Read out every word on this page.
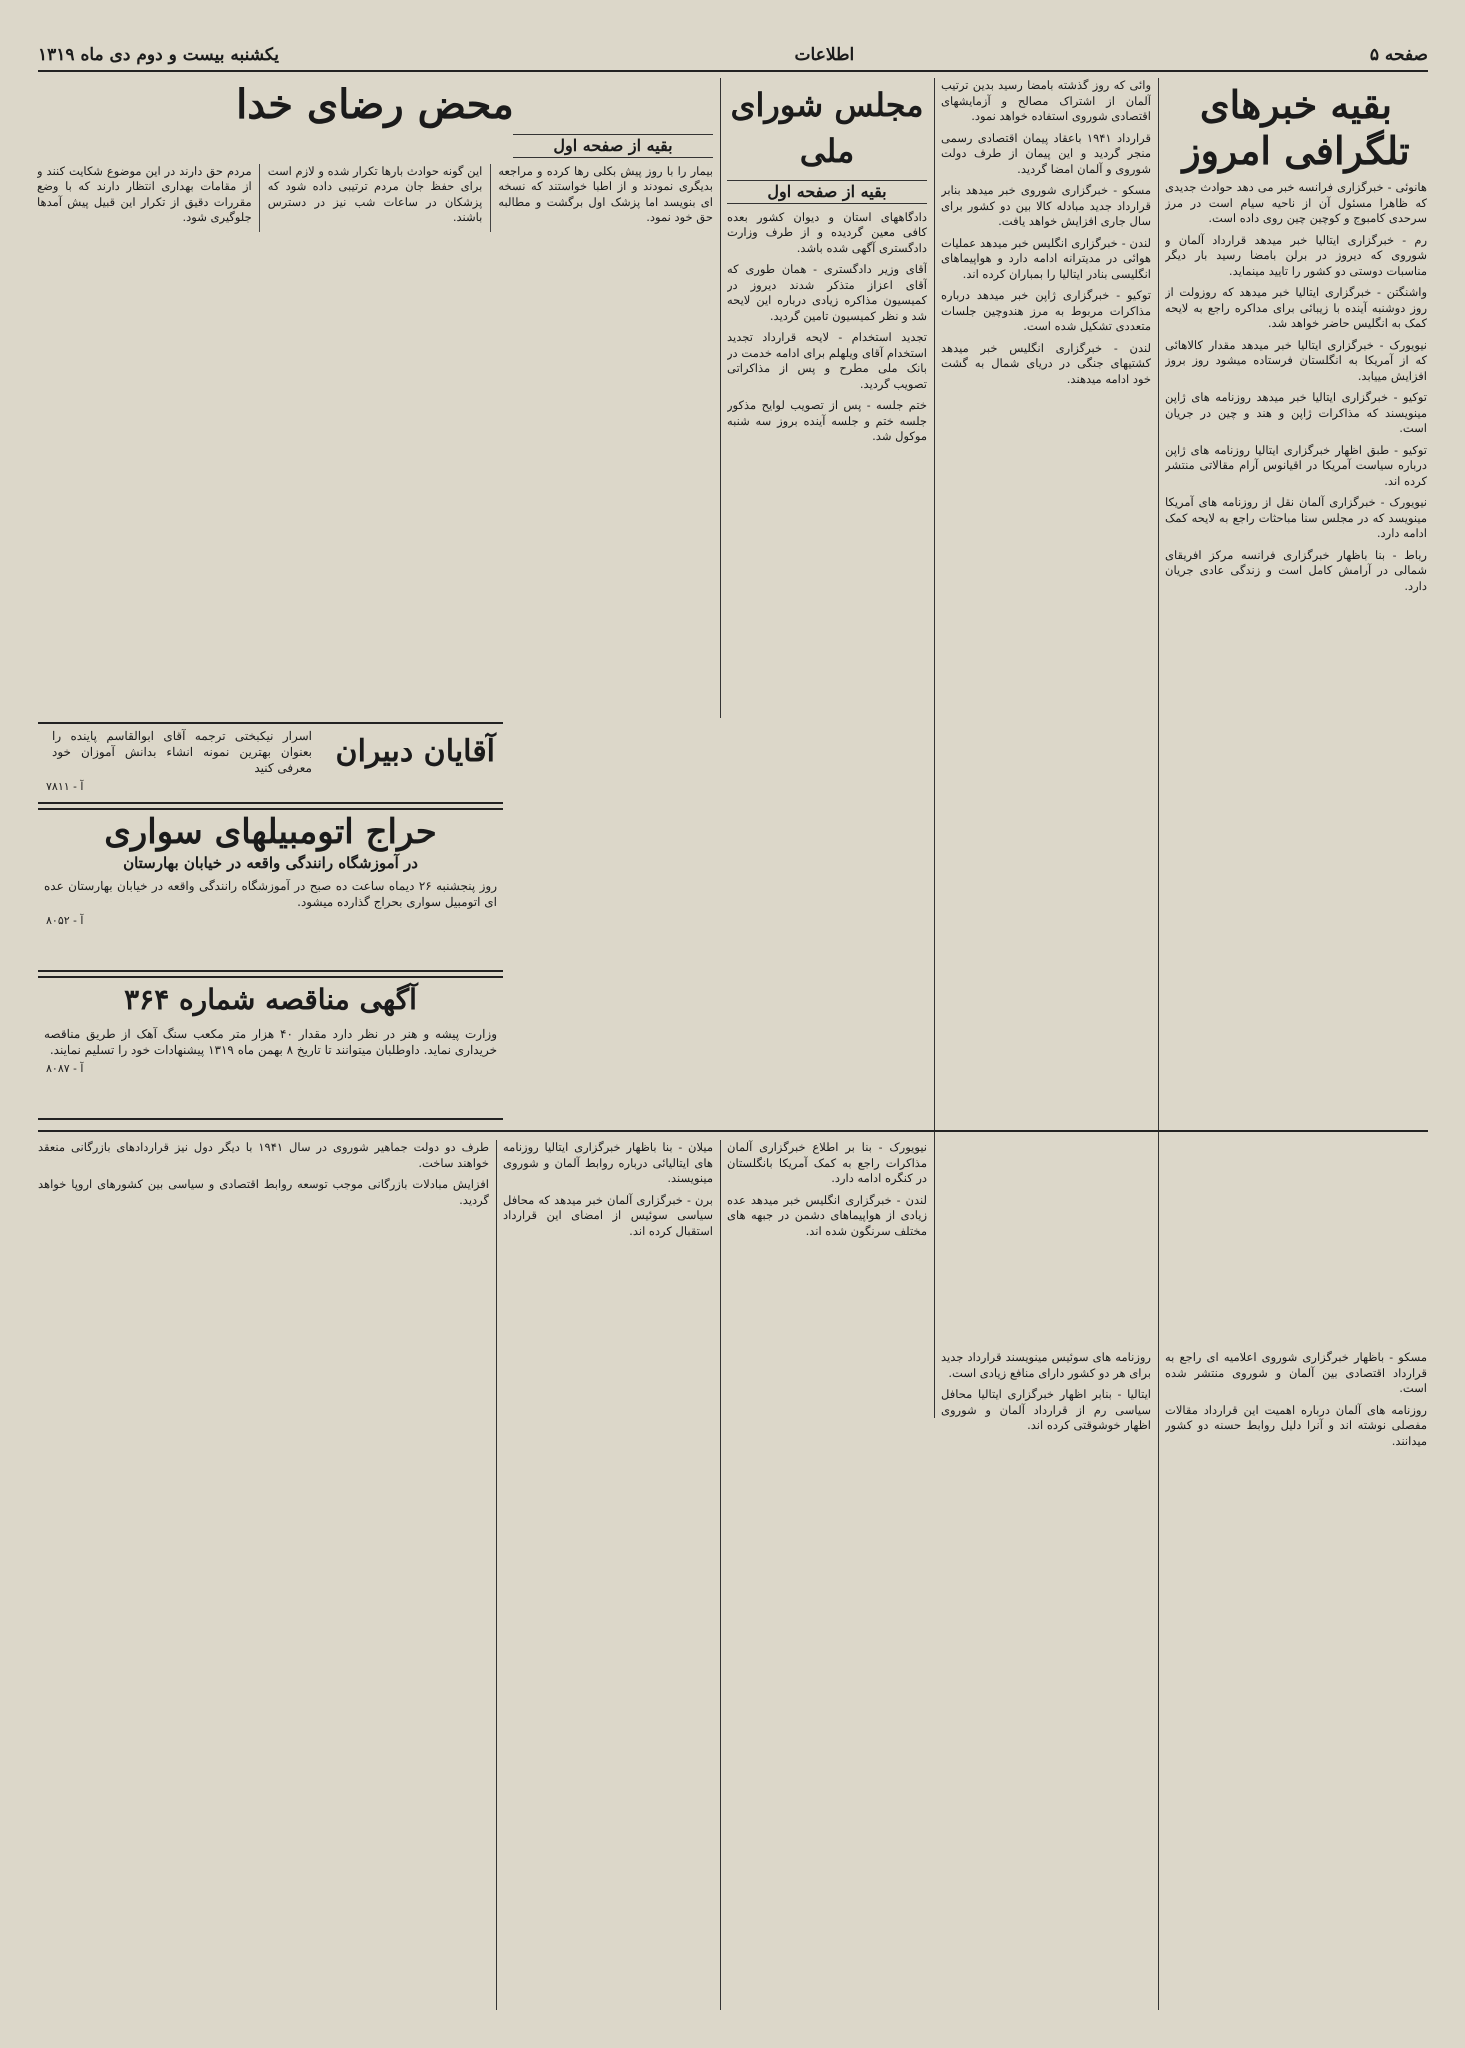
صفحه ۵
اطلاعات
یکشنبه بیست و دوم دی ماه ۱۳۱۹
بقیه خبرهای تلگرافی امروز

هانوئی - خبرگزاری فرانسه خبر می دهد حوادث جدیدی که ظاهرا مسئول آن از ناحیه سیام است در مرز سرحدی کامبوج و کوچین چین روی داده است.

رم - خبرگزاری ایتالیا خبر میدهد قرارداد آلمان و شوروی که دیروز در برلن بامضا رسید بار دیگر مناسبات دوستی دو کشور را تایید مینماید.

واشنگتن - خبرگزاری ایتالیا خبر میدهد که روزولت از روز دوشنبه آینده با زیبائی برای مداکره راجع به لایحه کمک به انگلیس حاضر خواهد شد.

نیویورک - خبرگزاری ایتالیا خبر میدهد مقدار کالاهائی که از آمریکا به انگلستان فرستاده میشود روز بروز افزایش مییابد.

توکیو - خبرگزاری ایتالیا خبر میدهد روزنامه های ژاپن مینویسند که مذاکرات ژاپن و هند و چین در جریان است.

توکیو - طبق اظهار خبرگزاری ایتالیا روزنامه های ژاپن درباره سیاست آمریکا در اقیانوس آرام مقالاتی منتشر کرده اند.

نیویورک - خبرگزاری آلمان نقل از روزنامه های آمریکا مینویسد که در مجلس سنا مباحثات راجع به لایحه کمک ادامه دارد.

رباط - بنا باظهار خبرگزاری فرانسه مرکز افریقای شمالی در آرامش کامل است و زندگی عادی جریان دارد.

وائی که روز گذشته بامضا رسید بدین ترتیب آلمان از اشتراک مصالح و آزمایشهای اقتصادی شوروی استفاده خواهد نمود.

قرارداد ۱۹۴۱ باعقاد پیمان اقتصادی رسمی منجر گردید و این پیمان از طرف دولت شوروی و آلمان امضا گردید.

مسکو - خبرگزاری شوروی خبر میدهد بنابر قرارداد جدید مبادله کالا بین دو کشور برای سال جاری افزایش خواهد یافت.

لندن - خبرگزاری انگلیس خبر میدهد عملیات هوائی در مدیترانه ادامه دارد و هواپیماهای انگلیسی بنادر ایتالیا را بمباران کرده اند.

توکیو - خبرگزاری ژاپن خبر میدهد درباره مذاکرات مربوط به مرز هندوچین جلسات متعددی تشکیل شده است.

لندن - خبرگزاری انگلیس خبر میدهد کشتیهای جنگی در دریای شمال به گشت خود ادامه میدهند.

مجلس شورای ملی
بقیه از صفحه اول

دادگاههای استان و دیوان کشور بعده کافی معین گردیده و از طرف وزارت دادگستری آگهی شده باشد.

آقای وزیر دادگستری - همان طوری که آقای اعزاز متذکر شدند دیروز در کمیسیون مذاکره زیادی درباره این لایحه شد و نظر کمیسیون تامین گردید.

تجدید استخدام - لایحه قرارداد تجدید استخدام آقای ویلهلم برای ادامه خدمت در بانک ملی مطرح و پس از مذاکراتی تصویب گردید.

ختم جلسه - پس از تصویب لوایح مذکور جلسه ختم و جلسه آینده بروز سه شنبه موکول شد.

محض رضای خدا
بقیه از صفحه اول

بیمار را با روز پیش بکلی رها کرده و مراجعه بدیگری نمودند و از اطبا خواستند که نسخه ای بنویسد اما پزشک اول برگشت و مطالبه حق خود نمود.

این گونه حوادث بارها تکرار شده و لازم است برای حفظ جان مردم ترتیبی داده شود که پزشکان در ساعات شب نیز در دسترس باشند.

مردم حق دارند در این موضوع شکایت کنند و از مقامات بهداری انتظار دارند که با وضع مقررات دقیق از تکرار این قبیل پیش آمدها جلوگیری شود.

آقایان دبیران
اسرار نیکبختی ترجمه آقای ابوالقاسم پاینده را بعنوان بهترین نمونه انشاء بدانش آموزان خود معرفی کنید
آ - ۷۸۱۱
حراج اتومبیلهای سواری
در آموزشگاه رانندگی واقعه در خیابان بهارستان
روز پنجشنبه ۲۶ دیماه ساعت ده صبح در آموزشگاه رانندگی واقعه در خیابان بهارستان عده ای اتومبیل سواری بحراج گذارده میشود.
آ - ۸۰۵۲
آگهی مناقصه شماره ۳۶۴
وزارت پیشه و هنر در نظر دارد مقدار ۴۰ هزار متر مکعب سنگ آهک از طریق مناقصه خریداری نماید. داوطلبان میتوانند تا تاریخ ۸ بهمن ماه ۱۳۱۹ پیشنهادات خود را تسلیم نمایند.
آ - ۸۰۸۷

مسکو - باظهار خبرگزاری شوروی اعلامیه ای راجع به قرارداد اقتصادی بین آلمان و شوروی منتشر شده است.

روزنامه های آلمان درباره اهمیت این قرارداد مقالات مفصلی نوشته اند و آنرا دلیل روابط حسنه دو کشور میدانند.

روزنامه های سوئیس مینویسند قرارداد جدید برای هر دو کشور دارای منافع زیادی است.

ایتالیا - بنابر اظهار خبرگزاری ایتالیا محافل سیاسی رم از قرارداد آلمان و شوروی اظهار خوشوقتی کرده اند.

نیویورک - بنا بر اطلاع خبرگزاری آلمان مذاکرات راجع به کمک آمریکا بانگلستان در کنگره ادامه دارد.

لندن - خبرگزاری انگلیس خبر میدهد عده زیادی از هواپیماهای دشمن در جبهه های مختلف سرنگون شده اند.

میلان - بنا باظهار خبرگزاری ایتالیا روزنامه های ایتالیائی درباره روابط آلمان و شوروی مینویسند.

برن - خبرگزاری آلمان خبر میدهد که محافل سیاسی سوئیس از امضای این قرارداد استقبال کرده اند.

طرف دو دولت جماهیر شوروی در سال ۱۹۴۱ با دیگر دول نیز قراردادهای بازرگانی منعقد خواهند ساخت.

افزایش مبادلات بازرگانی موجب توسعه روابط اقتصادی و سیاسی بین کشورهای اروپا خواهد گردید.
